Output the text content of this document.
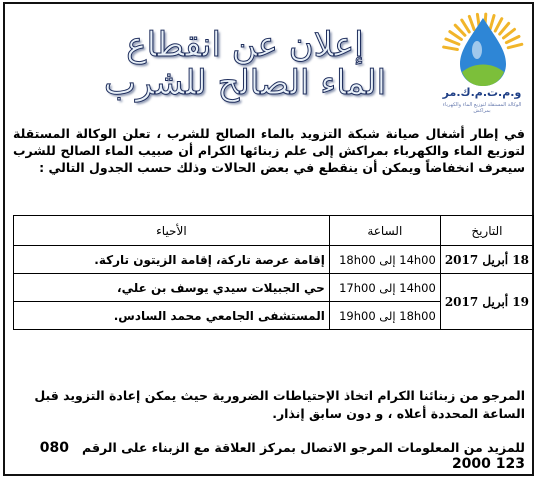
إعلان عن انقطاع
الماء الصالح للشرب	و.م.ت.م.ك.مر
الوكالة المستقلة لتوزيع الماء والكهرباء بمراكش
في إطار أشغال صيانة شبكة التزويد بالماء الصالح للشرب ، تعلن الوكالة المستقلة لتوزيع الماء والكهرباء بمراكش إلى علم زبنائها الكرام أن صبيب الماء الصالح للشرب سيعرف انخفاضاً ويمكن أن ينقطع في بعض الحالات وذلك حسب الجدول التالي :
التاريخ	الساعة	الأحياء
18 أبريل 2017	14h00 إلى 18h00	إقامة عرصة تاركة، إقامة الزيتون تاركة.
19 أبريل 2017	14h00 إلى 17h00	حي الجبيلات سيدي يوسف بن علي،
	18h00 إلى 19h00	المستشفى الجامعي محمد السادس.
المرجو من زبنائنا الكرام اتخاذ الإحتياطات الضرورية حيث يمكن إعادة التزويد قبل الساعة المحددة أعلاه ، و دون سابق إنذار.
للمزيد من المعلومات المرجو الاتصال بمركز العلاقة مع الزبناء على الرقم   080 2000 123
